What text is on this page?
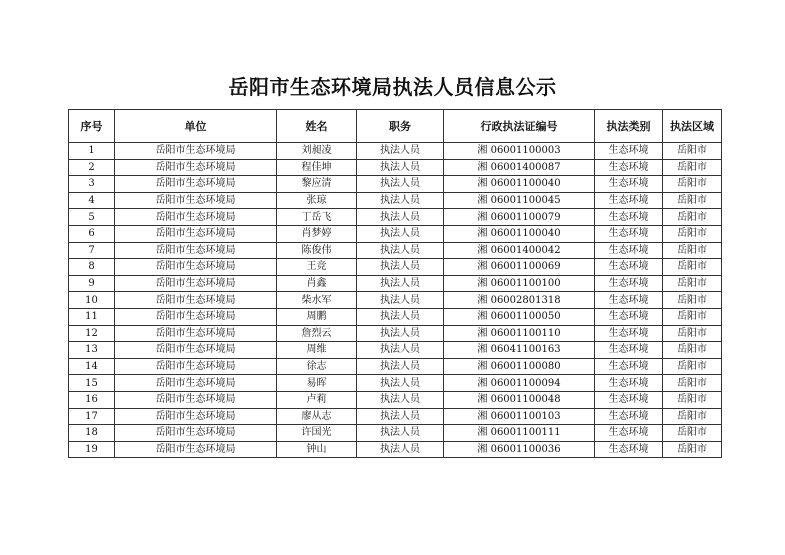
岳阳市生态环境局执法人员信息公示
序号	单位	姓名	职务	行政执法证编号	执法类别	执法区域
1	岳阳市生态环境局	刘昶凌	执法人员	湘 06001100003	生态环境	岳阳市
2	岳阳市生态环境局	程佳坤	执法人员	湘 06001400087	生态环境	岳阳市
3	岳阳市生态环境局	黎应清	执法人员	湘 06001100040	生态环境	岳阳市
4	岳阳市生态环境局	张琼	执法人员	湘 06001100045	生态环境	岳阳市
5	岳阳市生态环境局	丁岳飞	执法人员	湘 06001100079	生态环境	岳阳市
6	岳阳市生态环境局	肖梦婷	执法人员	湘 06001100040	生态环境	岳阳市
7	岳阳市生态环境局	陈俊伟	执法人员	湘 06001400042	生态环境	岳阳市
8	岳阳市生态环境局	王竞	执法人员	湘 06001100069	生态环境	岳阳市
9	岳阳市生态环境局	肖鑫	执法人员	湘 06001100100	生态环境	岳阳市
10	岳阳市生态环境局	柴水军	执法人员	湘 06002801318	生态环境	岳阳市
11	岳阳市生态环境局	周鹏	执法人员	湘 06001100050	生态环境	岳阳市
12	岳阳市生态环境局	詹烈云	执法人员	湘 06001100110	生态环境	岳阳市
13	岳阳市生态环境局	周维	执法人员	湘 06041100163	生态环境	岳阳市
14	岳阳市生态环境局	徐志	执法人员	湘 06001100080	生态环境	岳阳市
15	岳阳市生态环境局	易晖	执法人员	湘 06001100094	生态环境	岳阳市
16	岳阳市生态环境局	卢莉	执法人员	湘 06001100048	生态环境	岳阳市
17	岳阳市生态环境局	廖从志	执法人员	湘 06001100103	生态环境	岳阳市
18	岳阳市生态环境局	许国光	执法人员	湘 06001100111	生态环境	岳阳市
19	岳阳市生态环境局	钟山	执法人员	湘 06001100036	生态环境	岳阳市
